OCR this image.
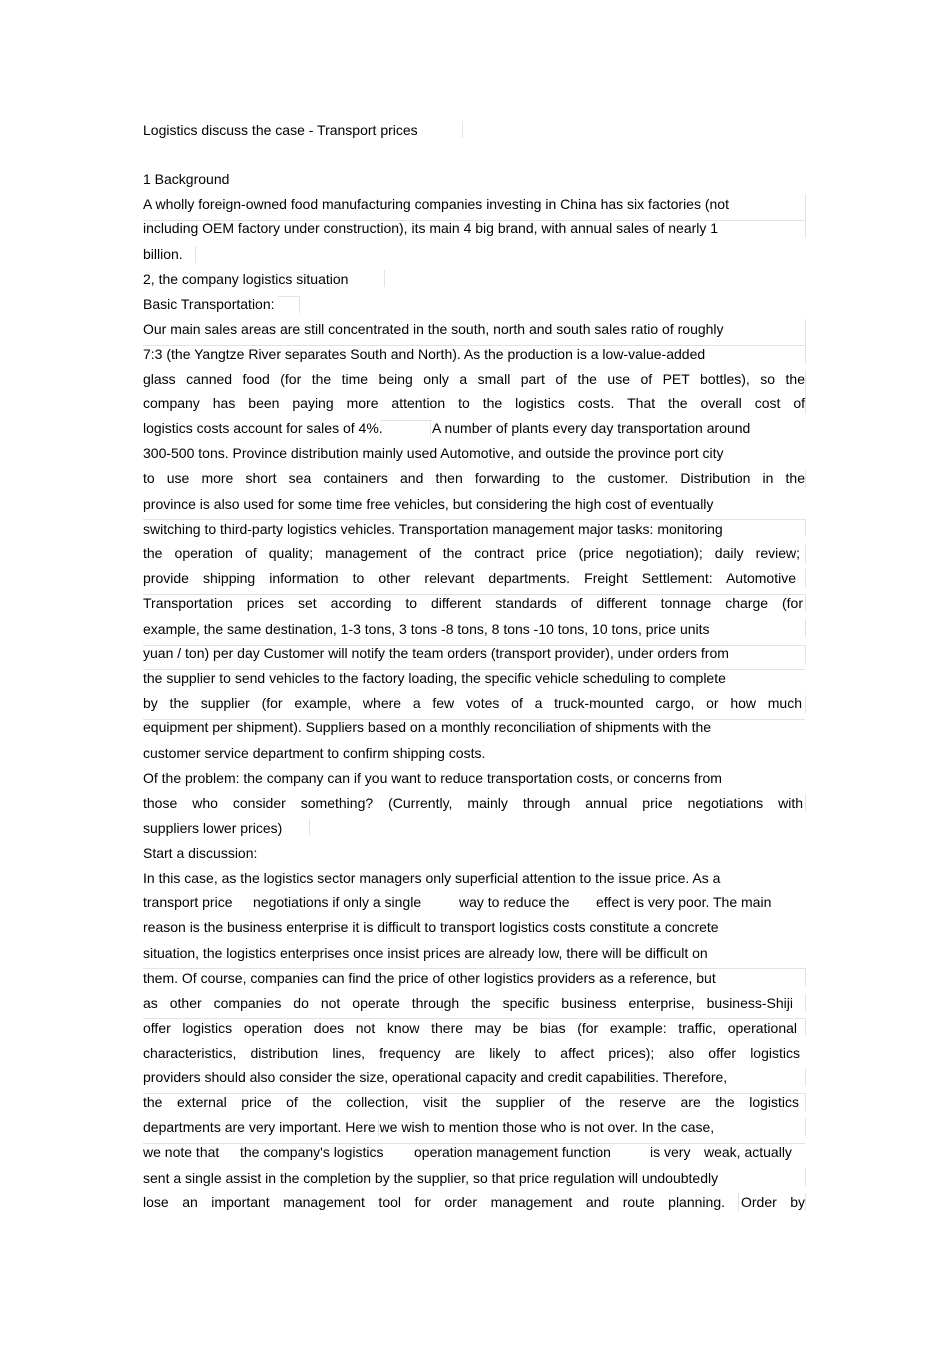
Logistics discuss the case - Transport prices
1 Background
A wholly foreign-owned food manufacturing companies investing in China has six factories (not
including OEM factory under construction), its main 4 big brand, with annual sales of nearly 1
billion.
2, the company logistics situation
Basic Transportation:
Our main sales areas are still concentrated in the south, north and south sales ratio of roughly
7:3 (the Yangtze River separates South and North). As the production is a low-value-added
glass canned food (for the time being only a small part of the use of PET bottles), so the
company has been paying more attention to the logistics costs. That the overall cost of
logistics costs account for sales of 4%.	A number of plants every day transportation around
300-500 tons. Province distribution mainly used Automotive, and outside the province port city
to use more short sea containers and then forwarding to the customer. Distribution in the
province is also used for some time free vehicles, but considering the high cost of eventually
switching to third-party logistics vehicles. Transportation management major tasks: monitoring
the operation of quality; management of the contract price (price negotiation); daily review;
provide shipping information to other relevant departments. Freight Settlement: Automotive
Transportation prices set according to different standards of different tonnage charge (for
example, the same destination, 1-3 tons, 3 tons -8 tons, 8 tons -10 tons, 10 tons, price units
yuan / ton) per day Customer will notify the team orders (transport provider), under orders from
the supplier to send vehicles to the factory loading, the specific vehicle scheduling to complete
by the supplier (for example, where a few votes of a truck-mounted cargo, or how much
equipment per shipment). Suppliers based on a monthly reconciliation of shipments with the
customer service department to confirm shipping costs.
Of the problem: the company can if you want to reduce transportation costs, or concerns from
those who consider something? (Currently, mainly through annual price negotiations with
suppliers lower prices)
Start a discussion:
In this case, as the logistics sector managers only superficial attention to the issue price. As a
transport price negotiations if only a single	way to reduce the effect is very poor. The main
reason is the business enterprise it is difficult to transport logistics costs constitute a concrete
situation, the logistics enterprises once insist prices are already low, there will be difficult on
them. Of course, companies can find the price of other logistics providers as a reference, but
as other companies do not operate through the specific business enterprise, business-Shiji
offer logistics operation does not know there may be bias (for example: traffic, operational
characteristics, distribution lines, frequency are likely to affect prices); also offer logistics
providers should also consider the size, operational capacity and credit capabilities. Therefore,
the external price of the collection, visit the supplier of the reserve are the logistics
departments are very important. Here we wish to mention those who is not over. In the case,
we note that the company's logistics operation management function	is very weak, actually
sent a single assist in the completion by the supplier, so that price regulation will undoubtedly
lose an important management tool for order management and route planning. Order by
